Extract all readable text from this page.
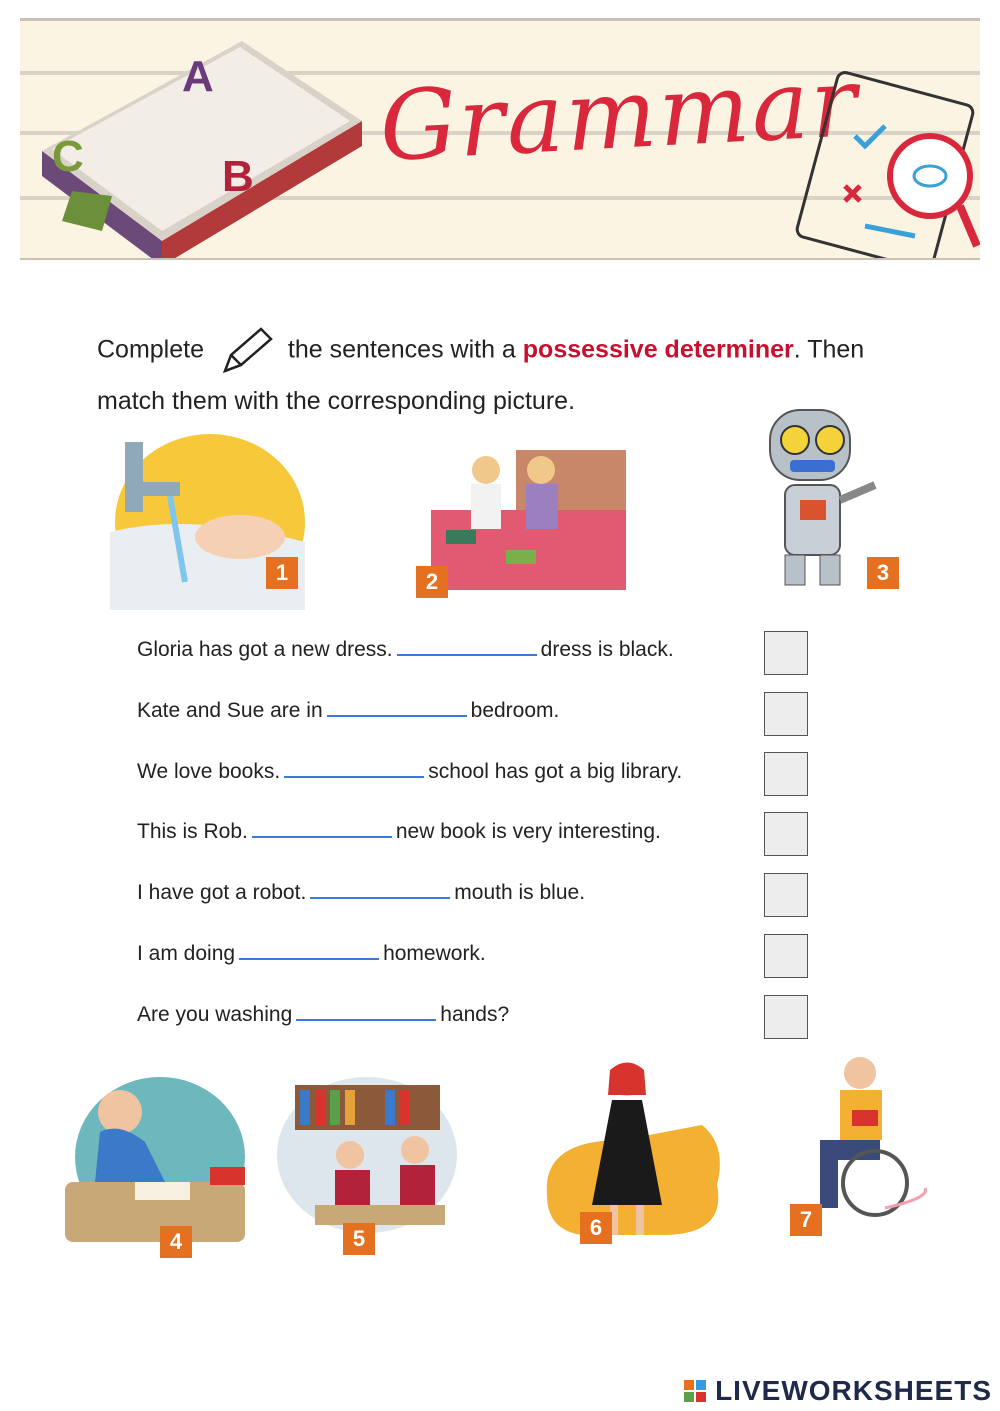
A
B
C	Grammar
Complete	the sentences with a possessive determiner. Then match them with the corresponding picture.
1	2	3
Gloria has got a new dress.	dress is black.
Kate and Sue are in	bedroom.
We love books.	school has got a big library.
This is Rob.	new book is very interesting.
I have got a robot.	mouth is blue.
I am doing	homework.
Are you washing	hands?
4	5	6	7
LIVEWORKSHEETS
